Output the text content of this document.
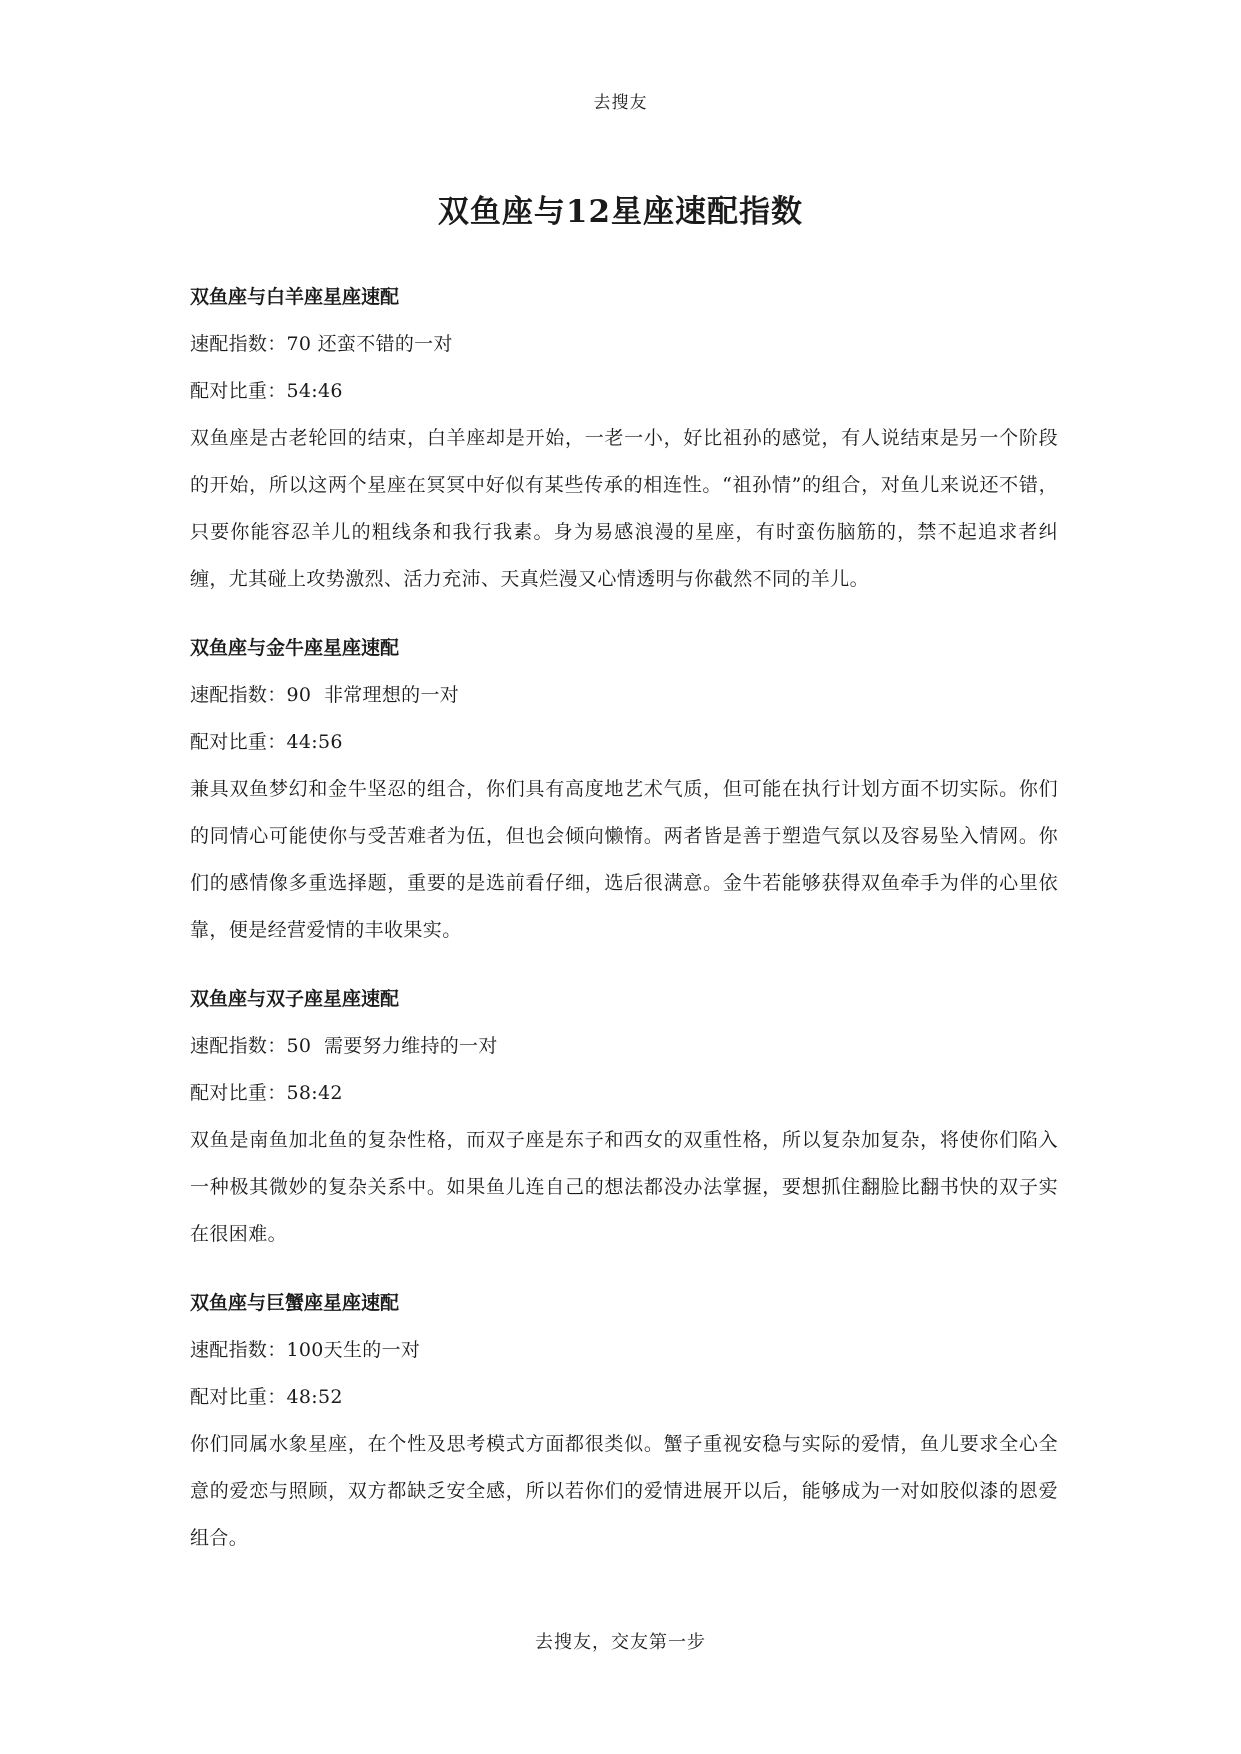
去搜友
双鱼座与12星座速配指数
双鱼座与白羊座星座速配
速配指数：70 还蛮不错的一对
配对比重：54:46
双鱼座是古老轮回的结束，白羊座却是开始，一老一小，好比祖孙的感觉，有人说结束是另一个阶段的开始，所以这两个星座在冥冥中好似有某些传承的相连性。“祖孙情”的组合，对鱼儿来说还不错，只要你能容忍羊儿的粗线条和我行我素。身为易感浪漫的星座，有时蛮伤脑筋的，禁不起追求者纠缠，尤其碰上攻势激烈、活力充沛、天真烂漫又心情透明与你截然不同的羊儿。
双鱼座与金牛座星座速配
速配指数：90  非常理想的一对
配对比重：44:56
兼具双鱼梦幻和金牛坚忍的组合，你们具有高度地艺术气质，但可能在执行计划方面不切实际。你们的同情心可能使你与受苦难者为伍，但也会倾向懒惰。两者皆是善于塑造气氛以及容易坠入情网。你们的感情像多重选择题，重要的是选前看仔细，选后很满意。金牛若能够获得双鱼牵手为伴的心里依靠，便是经营爱情的丰收果实。
双鱼座与双子座星座速配
速配指数：50  需要努力维持的一对
配对比重：58:42
双鱼是南鱼加北鱼的复杂性格，而双子座是东子和西女的双重性格，所以复杂加复杂，将使你们陷入一种极其微妙的复杂关系中。如果鱼儿连自己的想法都没办法掌握，要想抓住翻脸比翻书快的双子实在很困难。
双鱼座与巨蟹座星座速配
速配指数：100天生的一对
配对比重：48:52
你们同属水象星座，在个性及思考模式方面都很类似。蟹子重视安稳与实际的爱情，鱼儿要求全心全意的爱恋与照顾，双方都缺乏安全感，所以若你们的爱情进展开以后，能够成为一对如胶似漆的恩爱组合。
去搜友，交友第一步
